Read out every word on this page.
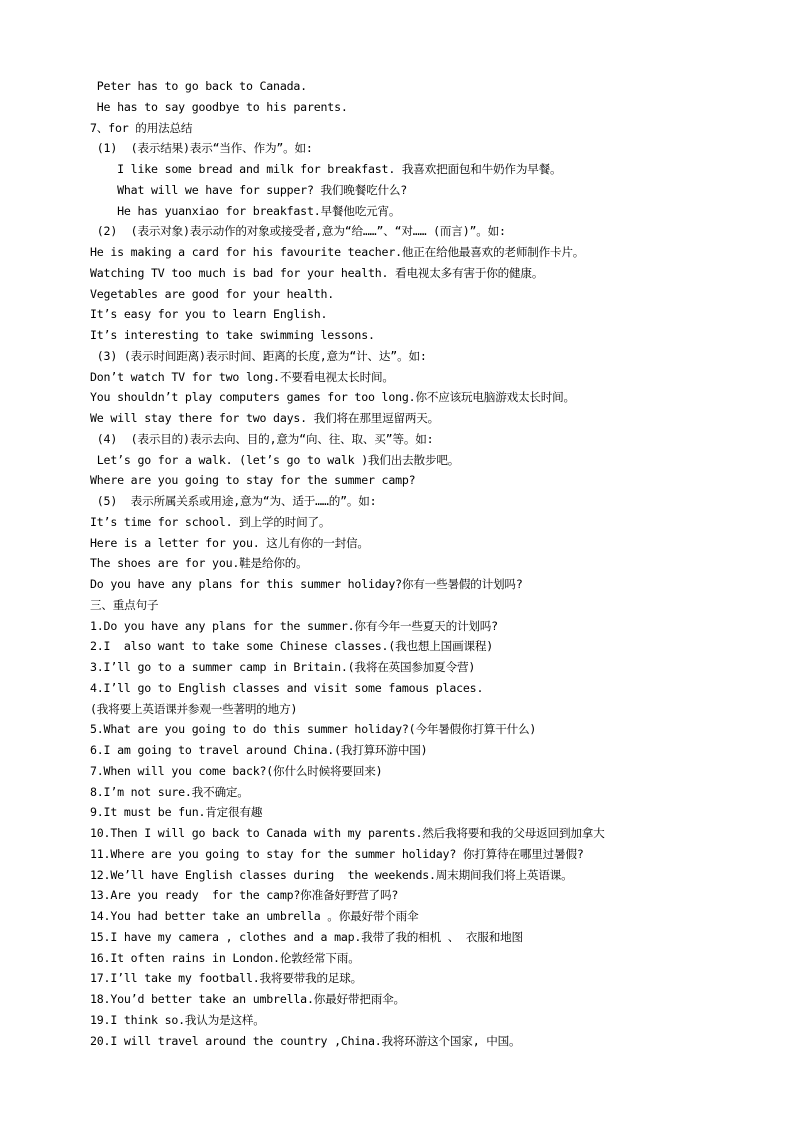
Peter has to go back to Canada.
He has to say goodbye to his parents.
7、for 的用法总结
(1)  (表示结果)表示“当作、作为”。如:
I like some bread and milk for breakfast. 我喜欢把面包和牛奶作为早餐。
What will we have for supper? 我们晚餐吃什么?
He has yuanxiao for breakfast.早餐他吃元宵。
(2)  (表示对象)表示动作的对象或接受者,意为“给……”、“对…… (而言)”。如:
He is making a card for his favourite teacher.他正在给他最喜欢的老师制作卡片。
Watching TV too much is bad for your health. 看电视太多有害于你的健康。
Vegetables are good for your health.
It’s easy for you to learn English.
It’s interesting to take swimming lessons.
(3) (表示时间距离)表示时间、距离的长度,意为“计、达”。如:
Don’t watch TV for two long.不要看电视太长时间。
You shouldn’t play computers games for too long.你不应该玩电脑游戏太长时间。
We will stay there for two days. 我们将在那里逗留两天。
(4)  (表示目的)表示去向、目的,意为“向、往、取、买”等。如:
Let’s go for a walk. (let’s go to walk )我们出去散步吧。
Where are you going to stay for the summer camp?
(5)  表示所属关系或用途,意为“为、适于……的”。如:
It’s time for school. 到上学的时间了。
Here is a letter for you. 这儿有你的一封信。
The shoes are for you.鞋是给你的。
Do you have any plans for this summer holiday?你有一些暑假的计划吗?
三、重点句子
1.Do you have any plans for the summer.你有今年一些夏天的计划吗?
2.I  also want to take some Chinese classes.(我也想上国画课程)
3.I’ll go to a summer camp in Britain.(我将在英国参加夏令营)
4.I’ll go to English classes and visit some famous places.
(我将要上英语课并参观一些著明的地方)
5.What are you going to do this summer holiday?(今年暑假你打算干什么)
6.I am going to travel around China.(我打算环游中国)
7.When will you come back?(你什么时候将要回来)
8.I’m not sure.我不确定。
9.It must be fun.肯定很有趣
10.Then I will go back to Canada with my parents.然后我将要和我的父母返回到加拿大
11.Where are you going to stay for the summer holiday? 你打算待在哪里过暑假?
12.We’ll have English classes during  the weekends.周末期间我们将上英语课。
13.Are you ready  for the camp?你准备好野营了吗?
14.You had better take an umbrella 。你最好带个雨伞
15.I have my camera , clothes and a map.我带了我的相机 、 衣服和地图
16.It often rains in London.伦敦经常下雨。
17.I’ll take my football.我将要带我的足球。
18.You’d better take an umbrella.你最好带把雨伞。
19.I think so.我认为是这样。
20.I will travel around the country ,China.我将环游这个国家, 中国。
